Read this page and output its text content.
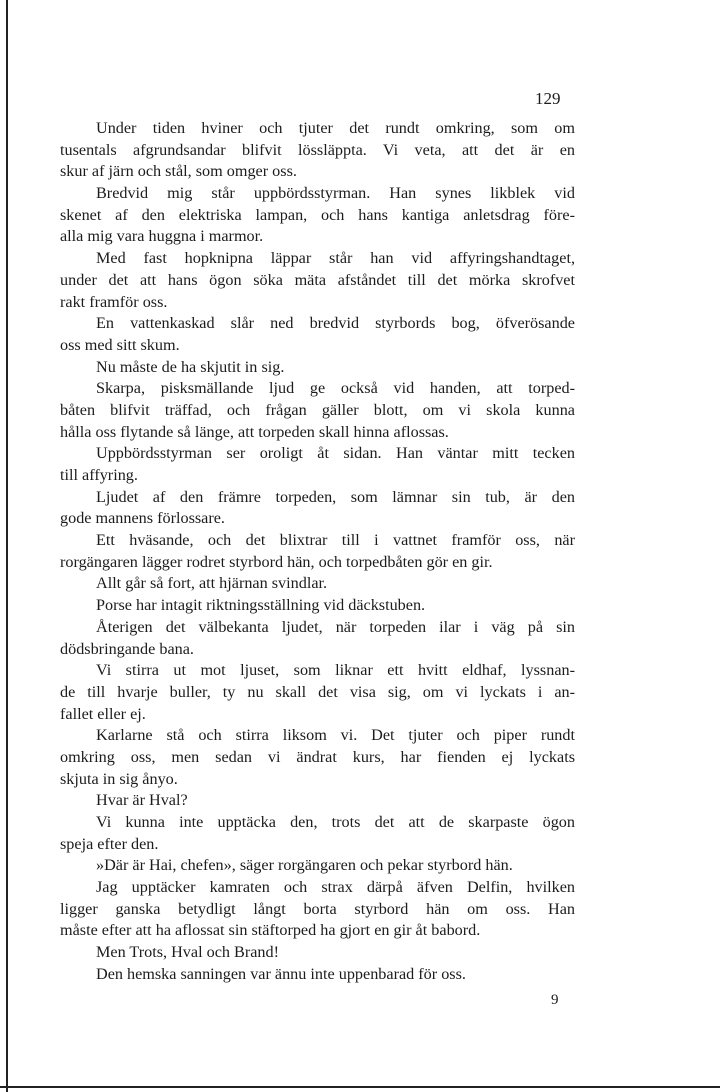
129
Under tiden hviner och tjuter det rundt omkring, som om
tusentals afgrundsandar blifvit lössläppta. Vi veta, att det är en
skur af järn och stål, som omger oss.
Bredvid mig står uppbördsstyrman. Han synes likblek vid
skenet af den elektriska lampan, och hans kantiga anletsdrag före-
alla mig vara huggna i marmor.
Med fast hopknipna läppar står han vid affyringshandtaget,
under det att hans ögon söka mäta afståndet till det mörka skrofvet
rakt framför oss.
En vattenkaskad slår ned bredvid styrbords bog, öfverösande
oss med sitt skum.
Nu måste de ha skjutit in sig.
Skarpa, pisksmällande ljud ge också vid handen, att torped-
båten blifvit träffad, och frågan gäller blott, om vi skola kunna
hålla oss flytande så länge, att torpeden skall hinna aflossas.
Uppbördsstyrman ser oroligt åt sidan. Han väntar mitt tecken
till affyring.
Ljudet af den främre torpeden, som lämnar sin tub, är den
gode mannens förlossare.
Ett hväsande, och det blixtrar till i vattnet framför oss, när
rorgängaren lägger rodret styrbord hän, och torpedbåten gör en gir.
Allt går så fort, att hjärnan svindlar.
Porse har intagit riktningsställning vid däckstuben.
Återigen det välbekanta ljudet, när torpeden ilar i väg på sin
dödsbringande bana.
Vi stirra ut mot ljuset, som liknar ett hvitt eldhaf, lyssnan-
de till hvarje buller, ty nu skall det visa sig, om vi lyckats i an-
fallet eller ej.
Karlarne stå och stirra liksom vi. Det tjuter och piper rundt
omkring oss, men sedan vi ändrat kurs, har fienden ej lyckats
skjuta in sig ånyo.
Hvar är Hval?
Vi kunna inte upptäcka den, trots det att de skarpaste ögon
speja efter den.
»Där är Hai, chefen», säger rorgängaren och pekar styrbord hän.
Jag upptäcker kamraten och strax därpå äfven Delfin, hvilken
ligger ganska betydligt långt borta styrbord hän om oss. Han
måste efter att ha aflossat sin stäftorped ha gjort en gir åt babord.
Men Trots, Hval och Brand!
Den hemska sanningen var ännu inte uppenbarad för oss.
9
